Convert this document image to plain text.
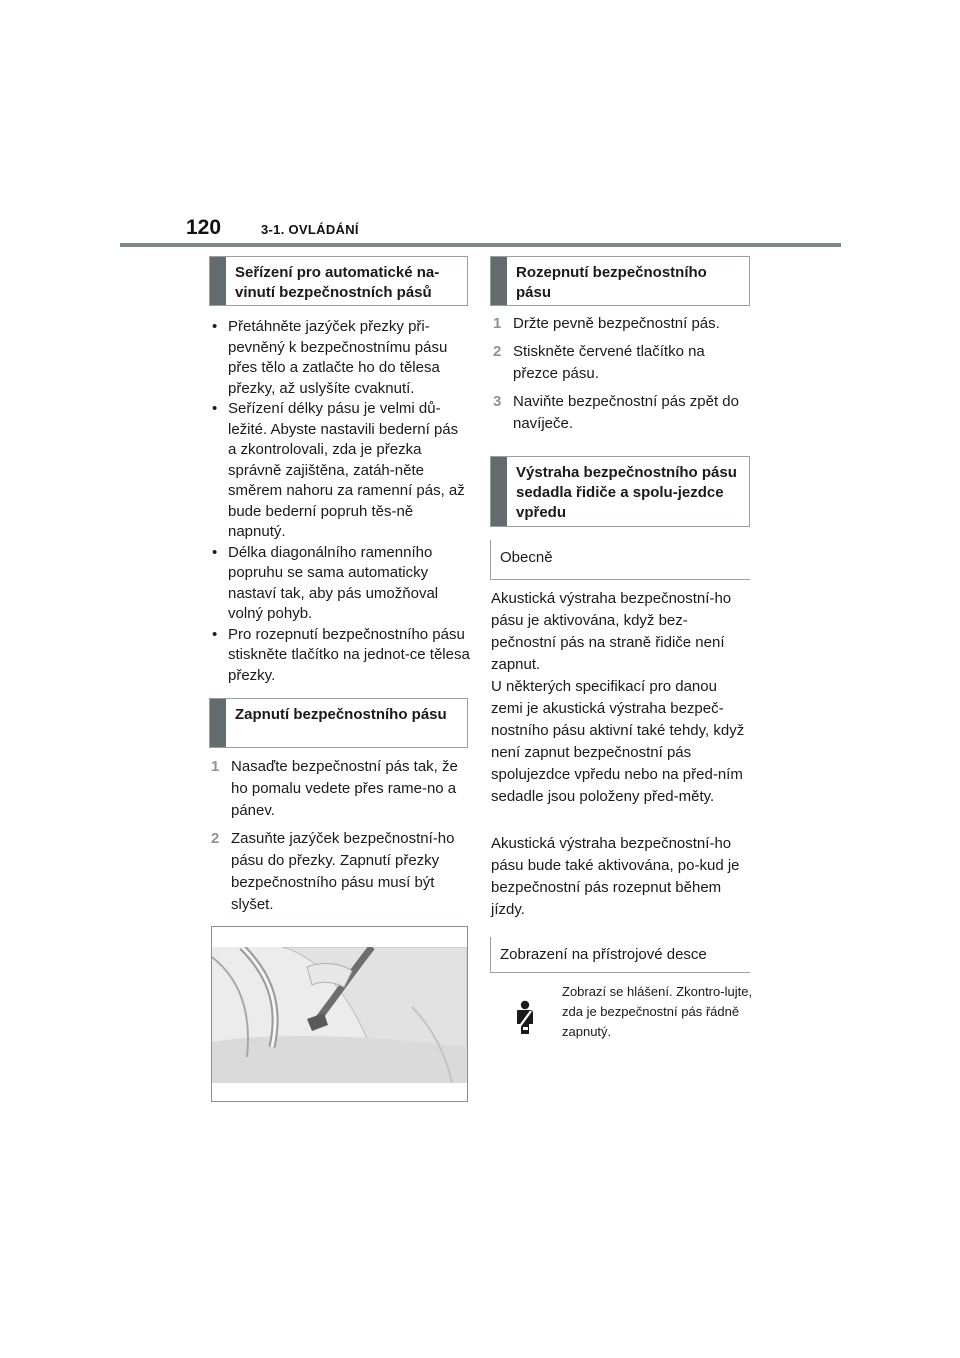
120	3-1. OVLÁDÁNÍ
Seřízení pro automatické na-vinutí bezpečnostních pásů
• Přetáhněte jazýček přezky při-pevněný k bezpečnostnímu pásu přes tělo a zatlačte ho do tělesa přezky, až uslyšíte cvaknutí.
• Seřízení délky pásu je velmi dů-ležité. Abyste nastavili bederní pás a zkontrolovali, zda je přezka správně zajištěna, zatáh-něte směrem nahoru za ramenní pás, až bude bederní popruh těs-ně napnutý.
• Délka diagonálního ramenního popruhu se sama automaticky nastaví tak, aby pás umožňoval volný pohyb.
• Pro rozepnutí bezpečnostního pásu stiskněte tlačítko na jednot-ce tělesa přezky.
Zapnutí bezpečnostního pásu
1 Nasaďte bezpečnostní pás tak, že ho pomalu vedete přes rame-no a pánev.
2 Zasuňte jazýček bezpečnostní-ho pásu do přezky. Zapnutí přezky bezpečnostního pásu musí být slyšet.
Rozepnutí bezpečnostního pásu
1 Držte pevně bezpečnostní pás.
2 Stiskněte červené tlačítko na přezce pásu.
3 Naviňte bezpečnostní pás zpět do navíječe.
Výstraha bezpečnostního pásu sedadla řidiče a spolu-jezdce vpředu
Obecně

Akustická výstraha bezpečnostní-ho pásu je aktivována, když bez-pečnostní pás na straně řidiče není zapnut.

U některých specifikací pro danou zemi je akustická výstraha bezpeč-nostního pásu aktivní také tehdy, když není zapnut bezpečnostní pás spolujezdce vpředu nebo na před-ním sedadle jsou položeny před-měty.

Akustická výstraha bezpečnostní-ho pásu bude také aktivována, po-kud je bezpečnostní pás rozepnut během jízdy.

Zobrazení na přístrojové desce
Zobrazí se hlášení. Zkontro-lujte, zda je bezpečnostní pás řádně zapnutý.
